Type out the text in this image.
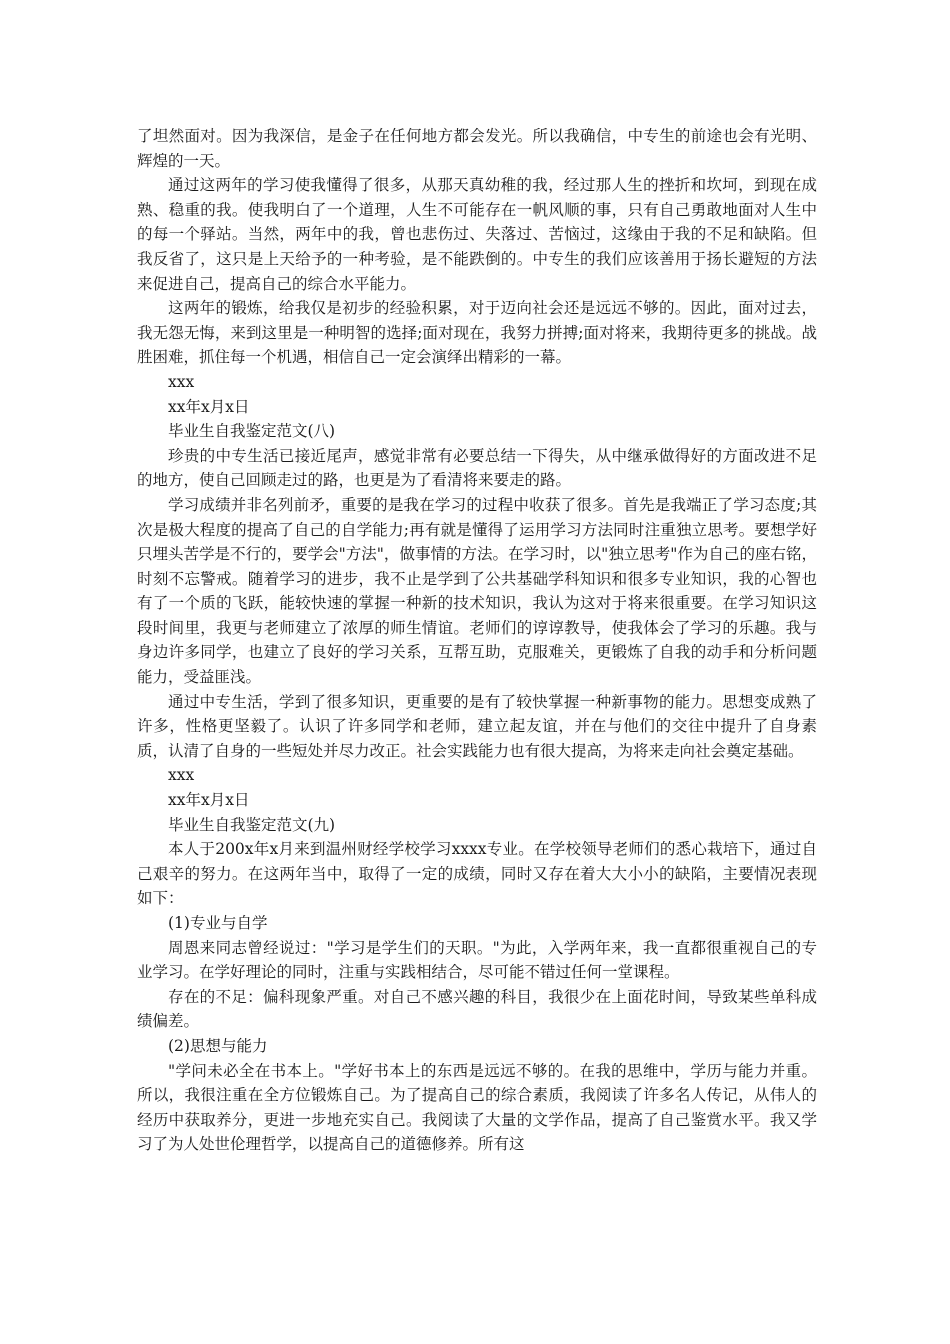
了坦然面对。因为我深信，是金子在任何地方都会发光。所以我确信，中专生的前途也会有光明、辉煌的一天。

通过这两年的学习使我懂得了很多，从那天真幼稚的我，经过那人生的挫折和坎坷，到现在成熟、稳重的我。使我明白了一个道理，人生不可能存在一帆风顺的事，只有自己勇敢地面对人生中的每一个驿站。当然，两年中的我，曾也悲伤过、失落过、苦恼过，这缘由于我的不足和缺陷。但我反省了，这只是上天给予的一种考验，是不能跌倒的。中专生的我们应该善用于扬长避短的方法来促进自己，提高自己的综合水平能力。

这两年的锻炼，给我仅是初步的经验积累，对于迈向社会还是远远不够的。因此，面对过去，我无怨无悔，来到这里是一种明智的选择;面对现在，我努力拼搏;面对将来，我期待更多的挑战。战胜困难，抓住每一个机遇，相信自己一定会演绎出精彩的一幕。

xxx

xx年x月x日

毕业生自我鉴定范文(八)

珍贵的中专生活已接近尾声，感觉非常有必要总结一下得失，从中继承做得好的方面改进不足的地方，使自己回顾走过的路，也更是为了看清将来要走的路。

学习成绩并非名列前矛，重要的是我在学习的过程中收获了很多。首先是我端正了学习态度;其次是极大程度的提高了自己的自学能力;再有就是懂得了运用学习方法同时注重独立思考。要想学好只埋头苦学是不行的，要学会"方法"，做事情的方法。在学习时，以"独立思考"作为自己的座右铭，时刻不忘警戒。随着学习的进步，我不止是学到了公共基础学科知识和很多专业知识，我的心智也有了一个质的飞跃，能较快速的掌握一种新的技术知识，我认为这对于将来很重要。在学习知识这段时间里，我更与老师建立了浓厚的师生情谊。老师们的谆谆教导，使我体会了学习的乐趣。我与身边许多同学，也建立了良好的学习关系，互帮互助，克服难关，更锻炼了自我的动手和分析问题能力，受益匪浅。

通过中专生活，学到了很多知识，更重要的是有了较快掌握一种新事物的能力。思想变成熟了许多，性格更坚毅了。认识了许多同学和老师，建立起友谊，并在与他们的交往中提升了自身素质，认清了自身的一些短处并尽力改正。社会实践能力也有很大提高，为将来走向社会奠定基础。

xxx

xx年x月x日

毕业生自我鉴定范文(九)

本人于200x年x月来到温州财经学校学习xxxx专业。在学校领导老师们的悉心栽培下，通过自己艰辛的努力。在这两年当中，取得了一定的成绩，同时又存在着大大小小的缺陷，主要情况表现如下：

(1)专业与自学

周恩来同志曾经说过："学习是学生们的天职。"为此，入学两年来，我一直都很重视自己的专业学习。在学好理论的同时，注重与实践相结合，尽可能不错过任何一堂课程。

存在的不足：偏科现象严重。对自己不感兴趣的科目，我很少在上面花时间，导致某些单科成绩偏差。

(2)思想与能力

"学问未必全在书本上。"学好书本上的东西是远远不够的。在我的思维中，学历与能力并重。所以，我很注重在全方位锻炼自己。为了提高自己的综合素质，我阅读了许多名人传记，从伟人的经历中获取养分，更进一步地充实自己。我阅读了大量的文学作品，提高了自己鉴赏水平。我又学习了为人处世伦理哲学，以提高自己的道德修养。所有这
